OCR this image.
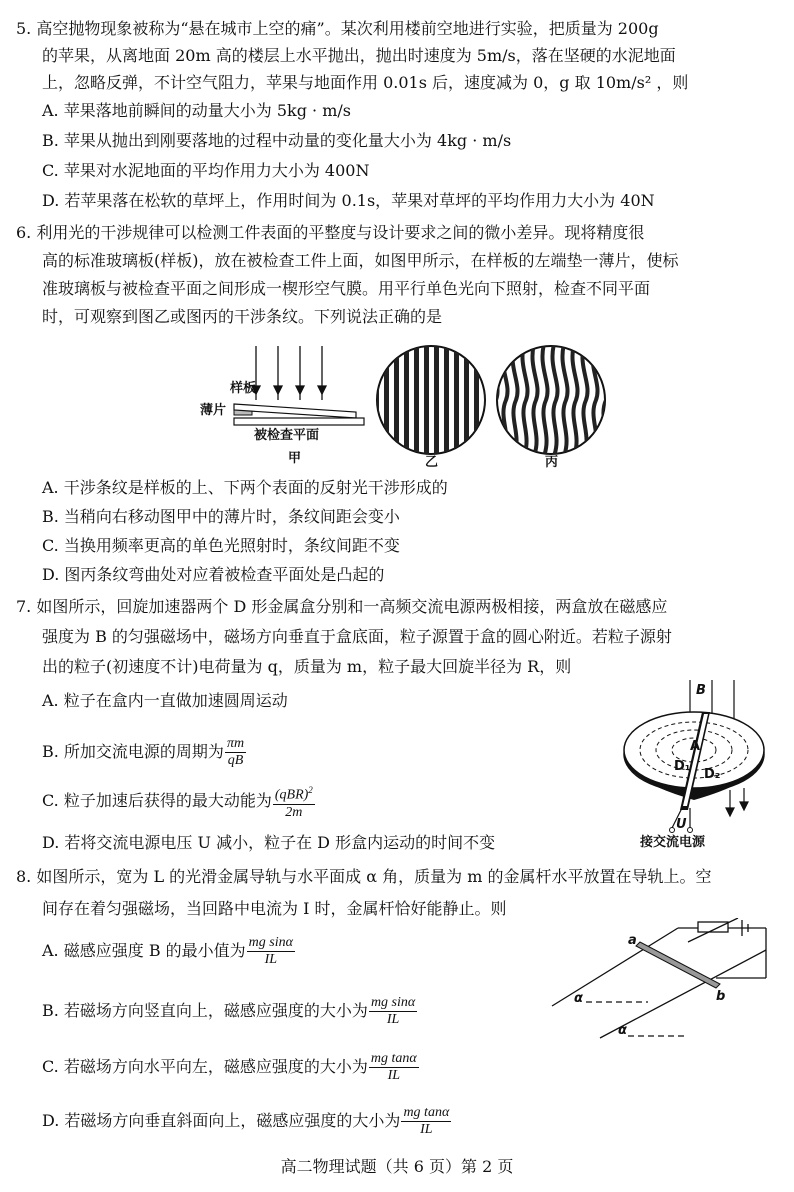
5. 高空抛物现象被称为“悬在城市上空的痛”。某次利用楼前空地进行实验，把质量为 200g
的苹果，从离地面 20m 高的楼层上水平抛出，抛出时速度为 5m/s，落在坚硬的水泥地面
上，忽略反弹，不计空气阻力，苹果与地面作用 0.01s 后，速度减为 0，g 取 10m/s² ，则
A. 苹果落地前瞬间的动量大小为 5kg · m/s
B. 苹果从抛出到刚要落地的过程中动量的变化量大小为 4kg · m/s
C. 苹果对水泥地面的平均作用力大小为 400N
D. 若苹果落在松软的草坪上，作用时间为 0.1s，苹果对草坪的平均作用力大小为 40N
6. 利用光的干涉规律可以检测工件表面的平整度与设计要求之间的微小差异。现将精度很
高的标准玻璃板(样板)，放在被检查工件上面，如图甲所示，在样板的左端垫一薄片，使标
准玻璃板与被检查平面之间形成一楔形空气膜。用平行单色光向下照射，检查不同平面
时，可观察到图乙或图丙的干涉条纹。下列说法正确的是
样板
薄片
被检查平面
甲	乙	丙
A. 干涉条纹是样板的上、下两个表面的反射光干涉形成的
B. 当稍向右移动图甲中的薄片时，条纹间距会变小
C. 当换用频率更高的单色光照射时，条纹间距不变
D. 图丙条纹弯曲处对应着被检查平面处是凸起的
7. 如图所示，回旋加速器两个 D 形金属盒分别和一高频交流电源两极相接，两盒放在磁感应
强度为 B 的匀强磁场中，磁场方向垂直于盒底面，粒子源置于盒的圆心附近。若粒子源射
出的粒子(初速度不计)电荷量为 q，质量为 m，粒子最大回旋半径为 R，则
A. 粒子在盒内一直做加速圆周运动
B. 所加交流电源的周期为 $\frac{\pi m}{qB}$
C. 粒子加速后获得的最大动能为 $\frac{(qBR)^2}{2m}$
D. 若将交流电源电压 U 减小，粒子在 D 形盒内运动的时间不变
B
A
D₁
D₂
U
接交流电源
8. 如图所示，宽为 L 的光滑金属导轨与水平面成 α 角，质量为 m 的金属杆水平放置在导轨上。空
间存在着匀强磁场，当回路中电流为 I 时，金属杆恰好能静止。则
A. 磁感应强度 B 的最小值为 $\frac{\text{mg sinα}}{IL}$
B. 若磁场方向竖直向上，磁感应强度的大小为 $\frac{\text{mg sinα}}{IL}$
C. 若磁场方向水平向左，磁感应强度的大小为 $\frac{\text{mg tanα}}{IL}$
D. 若磁场方向垂直斜面向上，磁感应强度的大小为 $\frac{\text{mg tanα}}{IL}$
a
b
α
α
高二物理试题（共 6 页）第 2 页
